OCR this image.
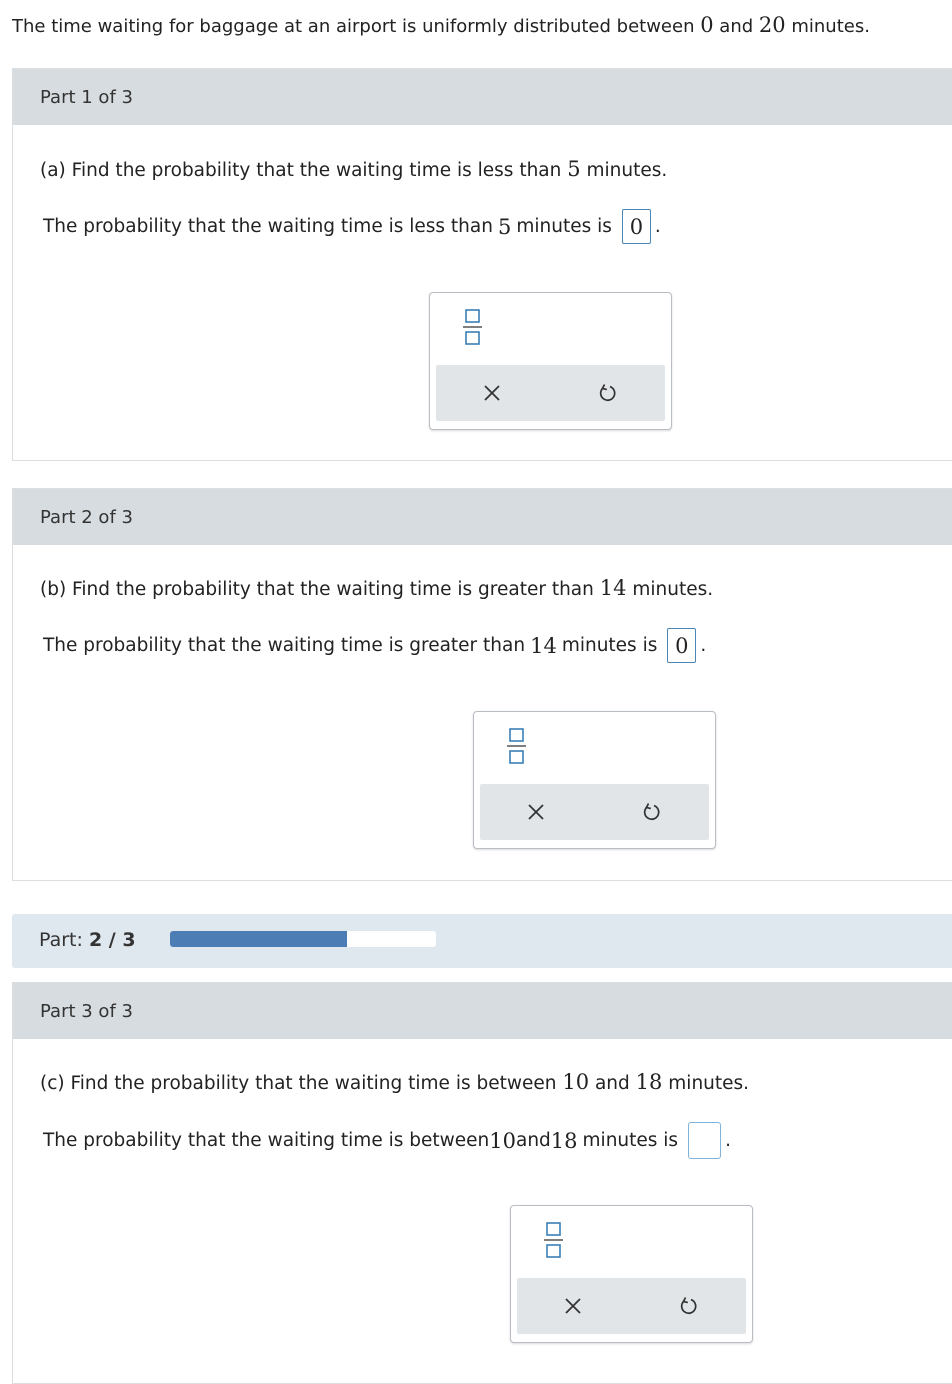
The time waiting for baggage at an airport is uniformly distributed between 0 and 20 minutes.
Part 1 of 3
(a) Find the probability that the waiting time is less than 5 minutes.
The probability that the waiting time is less than 5 minutes is 0 .
Part 2 of 3
(b) Find the probability that the waiting time is greater than 14 minutes.
The probability that the waiting time is greater than 14 minutes is 0 .
Part: 2 / 3
Part 3 of 3
(c) Find the probability that the waiting time is between 10 and 18 minutes.
The probability that the waiting time is between 10 and 18 minutes is	.
